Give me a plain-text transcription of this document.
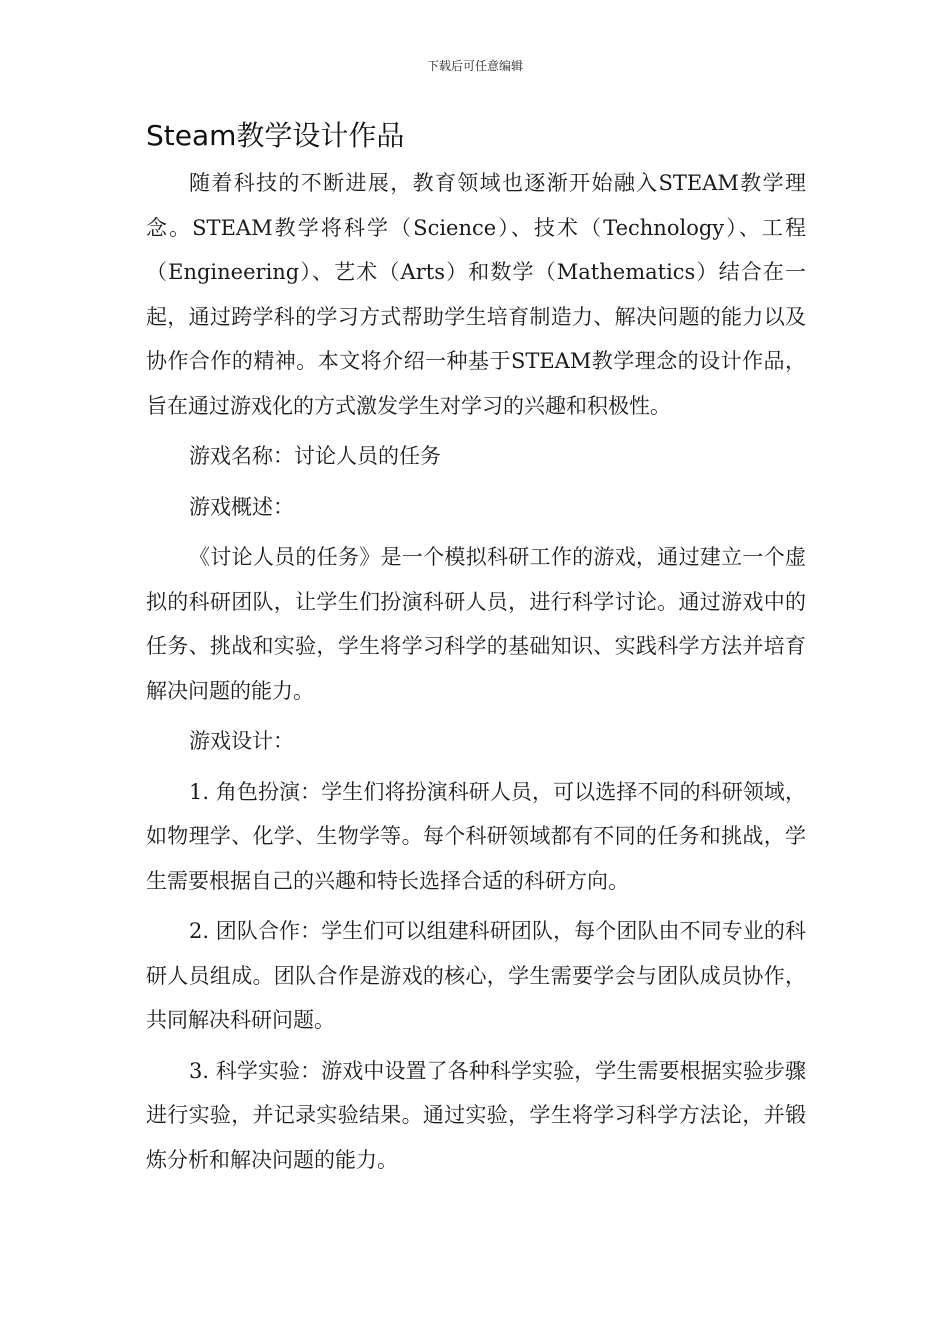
下载后可任意编辑
Steam教学设计作品

随着科技的不断进展，教育领域也逐渐开始融入STEAM教学理念。STEAM教学将科学（Science）、技术（Technology）、工程（Engineering）、艺术（Arts）和数学（Mathematics）结合在一起，通过跨学科的学习方式帮助学生培育制造力、解决问题的能力以及协作合作的精神。本文将介绍一种基于STEAM教学理念的设计作品，旨在通过游戏化的方式激发学生对学习的兴趣和积极性。

游戏名称：讨论人员的任务

游戏概述：

《讨论人员的任务》是一个模拟科研工作的游戏，通过建立一个虚拟的科研团队，让学生们扮演科研人员，进行科学讨论。通过游戏中的任务、挑战和实验，学生将学习科学的基础知识、实践科学方法并培育解决问题的能力。

游戏设计：

1. 角色扮演：学生们将扮演科研人员，可以选择不同的科研领域，如物理学、化学、生物学等。每个科研领域都有不同的任务和挑战，学生需要根据自己的兴趣和特长选择合适的科研方向。

2. 团队合作：学生们可以组建科研团队，每个团队由不同专业的科研人员组成。团队合作是游戏的核心，学生需要学会与团队成员协作，共同解决科研问题。

3. 科学实验：游戏中设置了各种科学实验，学生需要根据实验步骤进行实验，并记录实验结果。通过实验，学生将学习科学方法论，并锻炼分析和解决问题的能力。
